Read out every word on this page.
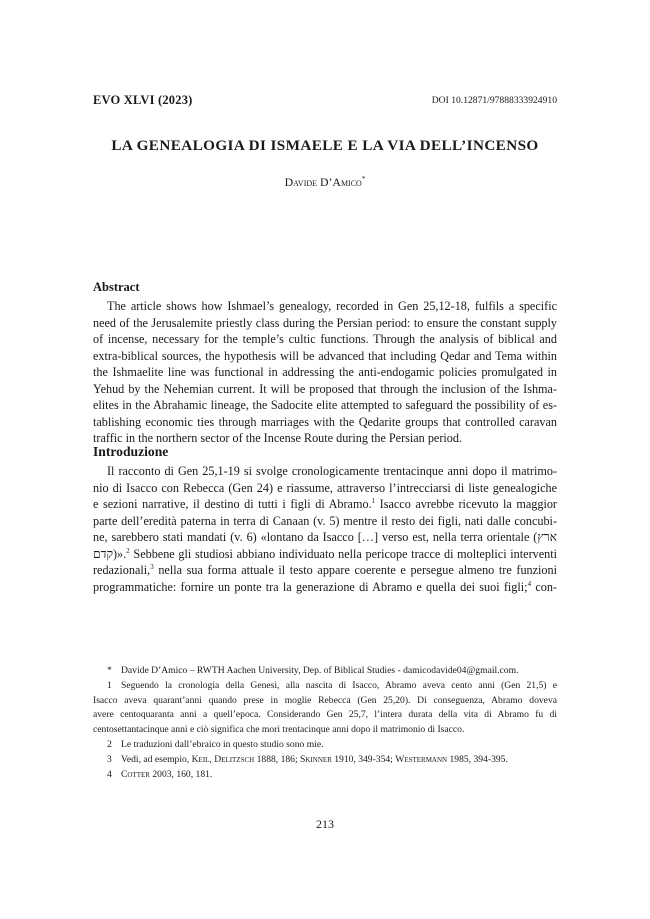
EVO XLVI (2023)	DOI 10.12871/978883339249​10
LA GENEALOGIA DI ISMAELE E LA VIA DELL’INCENSO
Davide D’Amico*
Abstract
The article shows how Ishmael’s genealogy, recorded in Gen 25,12-18, fulfils a specific
need of the Jerusalemite priestly class during the Persian period: to ensure the constant supply
of incense, necessary for the temple’s cultic functions. Through the analysis of biblical and
extra-biblical sources, the hypothesis will be advanced that including Qedar and Tema within
the Ishmaelite line was functional in addressing the anti-endogamic policies promulgated in
Yehud by the Nehemian current. It will be proposed that through the inclusion of the Ishma-
elites in the Abrahamic lineage, the Sadocite elite attempted to safeguard the possibility of es-
tablishing economic ties through marriages with the Qedarite groups that controlled caravan
traffic in the northern sector of the Incense Route during the Persian period.
Introduzione
Il racconto di Gen 25,1-19 si svolge cronologicamente trentacinque anni dopo il matrimo-
nio di Isacco con Rebecca (Gen 24) e riassume, attraverso l’intrecciarsi di liste genealogiche
e sezioni narrative, il destino di tutti i figli di Abramo.$^1$ Isacco avrebbe ricevuto la maggior
parte dell’eredità paterna in terra di Canaan (v. 5) mentre il resto dei figli, nati dalle concubi-
ne, sarebbero stati mandati (v. 6) «lontano da Isacco […] verso est, nella terra orientale (ארץ
קדם)».$^2$ Sebbene gli studiosi abbiano individuato nella pericope tracce di molteplici interventi
redazionali,$^3$ nella sua forma attuale il testo appare coerente e persegue almeno tre funzioni
programmatiche: fornire un ponte tra la generazione di Abramo e quella dei suoi figli;$^4$ con-
* Davide D’Amico – RWTH Aachen University, Dep. of Biblical Studies - damicodavide04@gmail.com.
1 Seguendo la cronologia della Genesi, alla nascita di Isacco, Abramo aveva cento anni (Gen 21,5) e
Isacco aveva quarant’anni quando prese in moglie Rebecca (Gen 25,20). Di conseguenza, Abramo doveva
avere centoquaranta anni a quell’epoca. Considerando Gen 25,7, l’intera durata della vita di Abramo fu di
centosettantacinque anni e ciò significa che morì trentacinque anni dopo il matrimonio di Isacco.
2 Le traduzioni dall’ebraico in questo studio sono mie.
3 Vedi, ad esempio, Keil, Delitzsch 1888, 186; Skinner 1910, 349-354; Westermann 1985, 394-395.
4 Cotter 2003, 160, 181.
213
